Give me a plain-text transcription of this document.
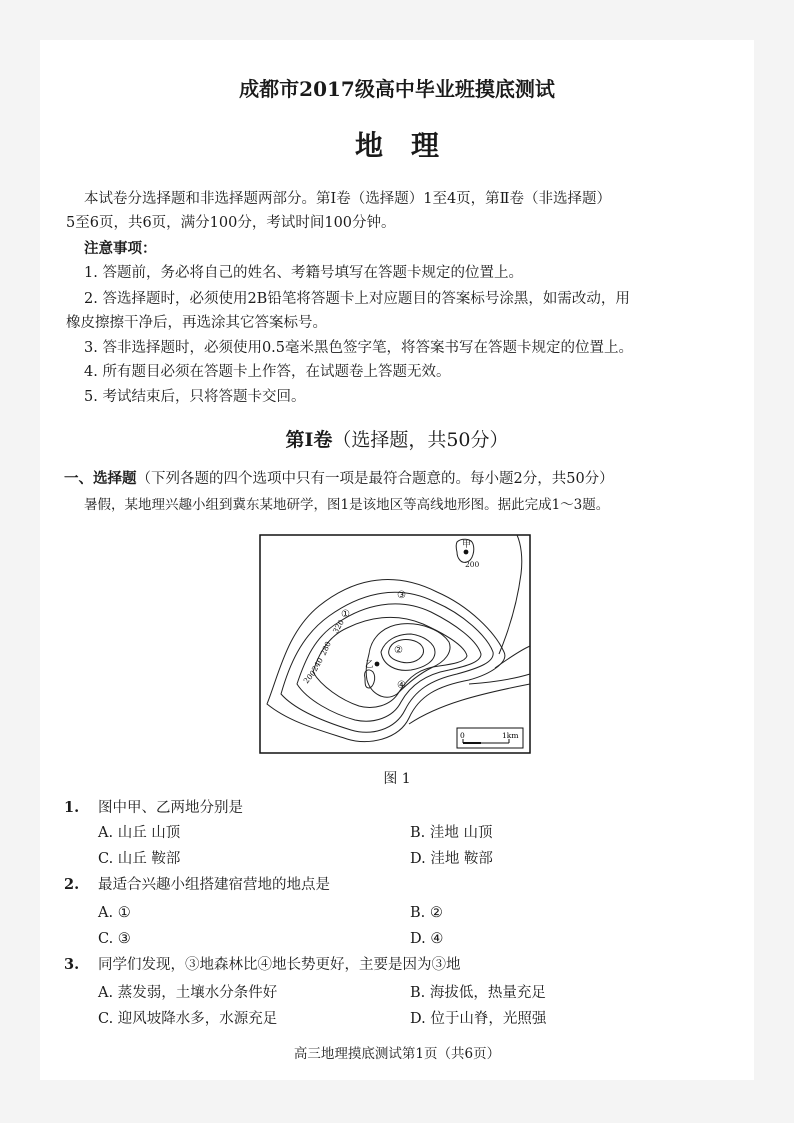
成都市2017级高中毕业班摸底测试
地理
本试卷分选择题和非选择题两部分。第Ⅰ卷（选择题）1至4页，第Ⅱ卷（非选择题）
5至6页，共6页，满分100分，考试时间100分钟。
注意事项：
1. 答题前，务必将自己的姓名、考籍号填写在答题卡规定的位置上。
2. 答选择题时，必须使用2B铅笔将答题卡上对应题目的答案标号涂黑，如需改动，用
橡皮擦擦干净后，再选涂其它答案标号。
3. 答非选择题时，必须使用0.5毫米黑色签字笔，将答案书写在答题卡规定的位置上。
4. 所有题目必须在答题卡上作答，在试题卷上答题无效。
5. 考试结束后，只将答题卡交回。
第Ⅰ卷（选择题，共50分）
一、选择题（下列各题的四个选项中只有一项是最符合题意的。每小题2分，共50分）
暑假，某地理兴趣小组到冀东某地研学，图1是该地区等高线地形图。据此完成1～3题。
甲
200
乙
①
②
③
④
320
280
240
200
0	1km
图 1
1. 图中甲、乙两地分别是
A. 山丘 山顶	B. 洼地 山顶
C. 山丘 鞍部	D. 洼地 鞍部
2. 最适合兴趣小组搭建宿营地的地点是
A. ①	B. ②
C. ③	D. ④
3. 同学们发现，③地森林比④地长势更好，主要是因为③地
A. 蒸发弱，土壤水分条件好	B. 海拔低，热量充足
C. 迎风坡降水多，水源充足	D. 位于山脊，光照强
高三地理摸底测试第1页（共6页）
